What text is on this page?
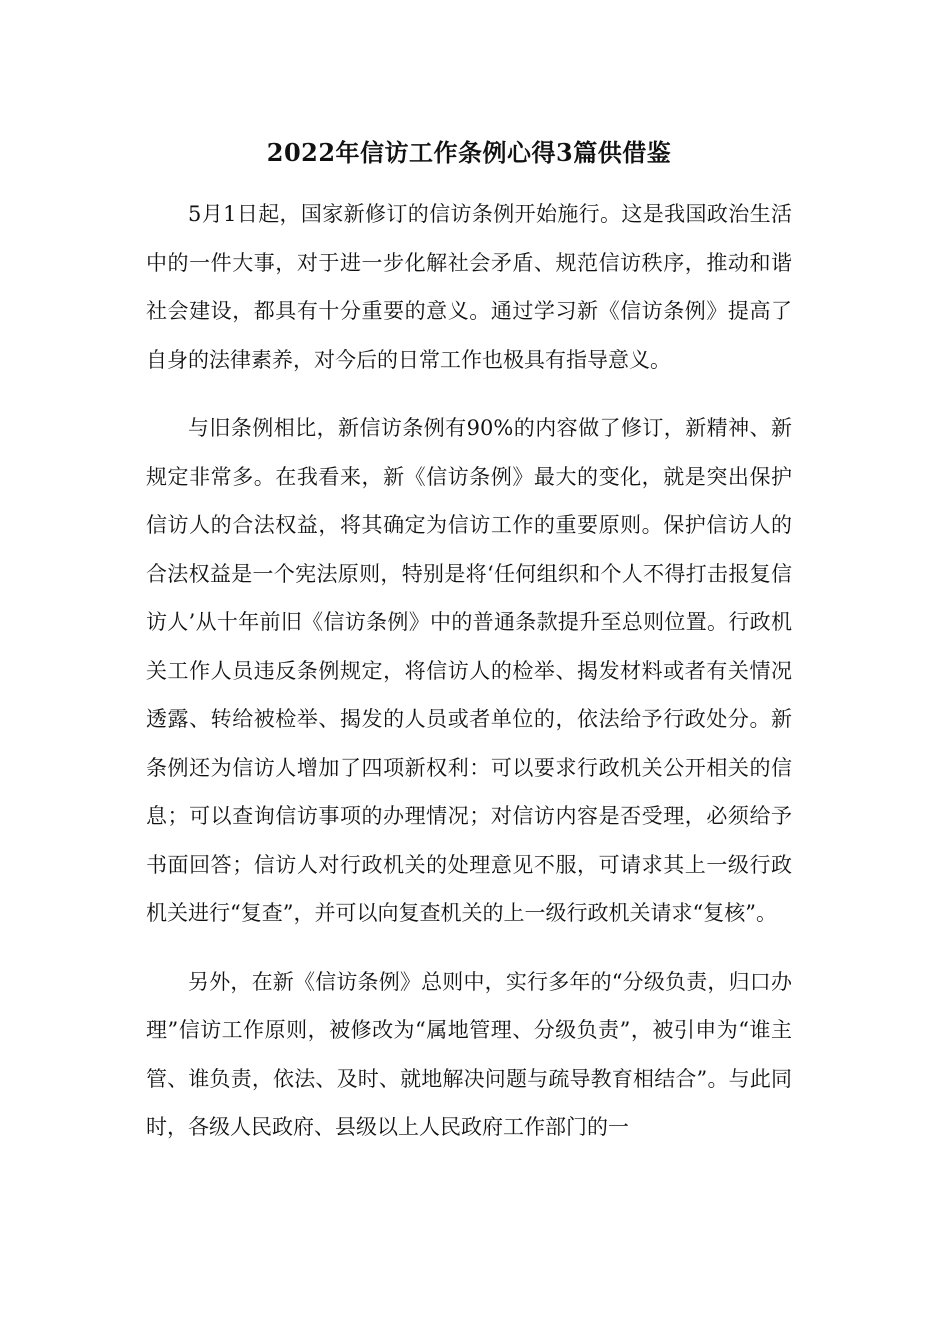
2022年信访工作条例心得3篇供借鉴

5月1日起，国家新修订的信访条例开始施行。这是我国政治生活中的一件大事，对于进一步化解社会矛盾、规范信访秩序，推动和谐社会建设，都具有十分重要的意义。通过学习新《信访条例》提高了自身的法律素养，对今后的日常工作也极具有指导意义。

与旧条例相比，新信访条例有90%的内容做了修订，新精神、新规定非常多。在我看来，新《信访条例》最大的变化，就是突出保护信访人的合法权益，将其确定为信访工作的重要原则。保护信访人的合法权益是一个宪法原则，特别是将‘任何组织和个人不得打击报复信访人’从十年前旧《信访条例》中的普通条款提升至总则位置。行政机关工作人员违反条例规定，将信访人的检举、揭发材料或者有关情况透露、转给被检举、揭发的人员或者单位的，依法给予行政处分。新条例还为信访人增加了四项新权利：可以要求行政机关公开相关的信息；可以查询信访事项的办理情况；对信访内容是否受理，必须给予书面回答；信访人对行政机关的处理意见不服，可请求其上一级行政机关进行“复查”，并可以向复查机关的上一级行政机关请求“复核”。

另外，在新《信访条例》总则中，实行多年的“分级负责，归口办理”信访工作原则，被修改为“属地管理、分级负责”，被引申为“谁主管、谁负责，依法、及时、就地解决问题与疏导教育相结合”。与此同时，各级人民政府、县级以上人民政府工作部门的一
